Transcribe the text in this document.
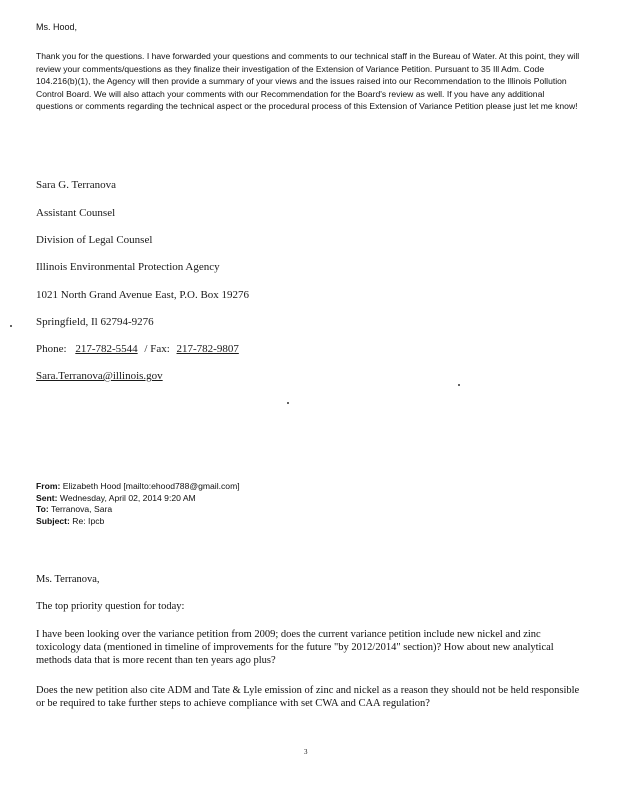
Ms. Hood,
Thank you for the questions. I have forwarded your questions and comments to our technical staff in the Bureau of Water. At this point, they will review your comments/questions as they finalize their investigation of the Extension of Variance Petition. Pursuant to 35 Ill Adm. Code 104.216(b)(1), the Agency will then provide a summary of your views and the issues raised into our Recommendation to the Illinois Pollution Control Board. We will also attach your comments with our Recommendation for the Board's review as well. If you have any additional questions or comments regarding the technical aspect or the procedural process of this Extension of Variance Petition please just let me know!
Sara G. Terranova
Assistant Counsel
Division of Legal Counsel
Illinois Environmental Protection Agency
1021 North Grand Avenue East, P.O. Box 19276
Springfield, Il 62794-9276
Phone: 217-782-5544 / Fax: 217-782-9807
Sara.Terranova@illinois.gov
From: Elizabeth Hood [mailto:ehood788@gmail.com]
Sent: Wednesday, April 02, 2014 9:20 AM
To: Terranova, Sara
Subject: Re: Ipcb
Ms. Terranova,
The top priority question for today:
I have been looking over the variance petition from 2009; does the current variance petition include new nickel and zinc toxicology data (mentioned in timeline of improvements for the future "by 2012/2014" section)? How about new analytical methods data that is more recent than ten years ago plus?
Does the new petition also cite ADM and Tate & Lyle emission of zinc and nickel as a reason they should not be held responsible or be required to take further steps to achieve compliance with set CWA and CAA regulation?
3
